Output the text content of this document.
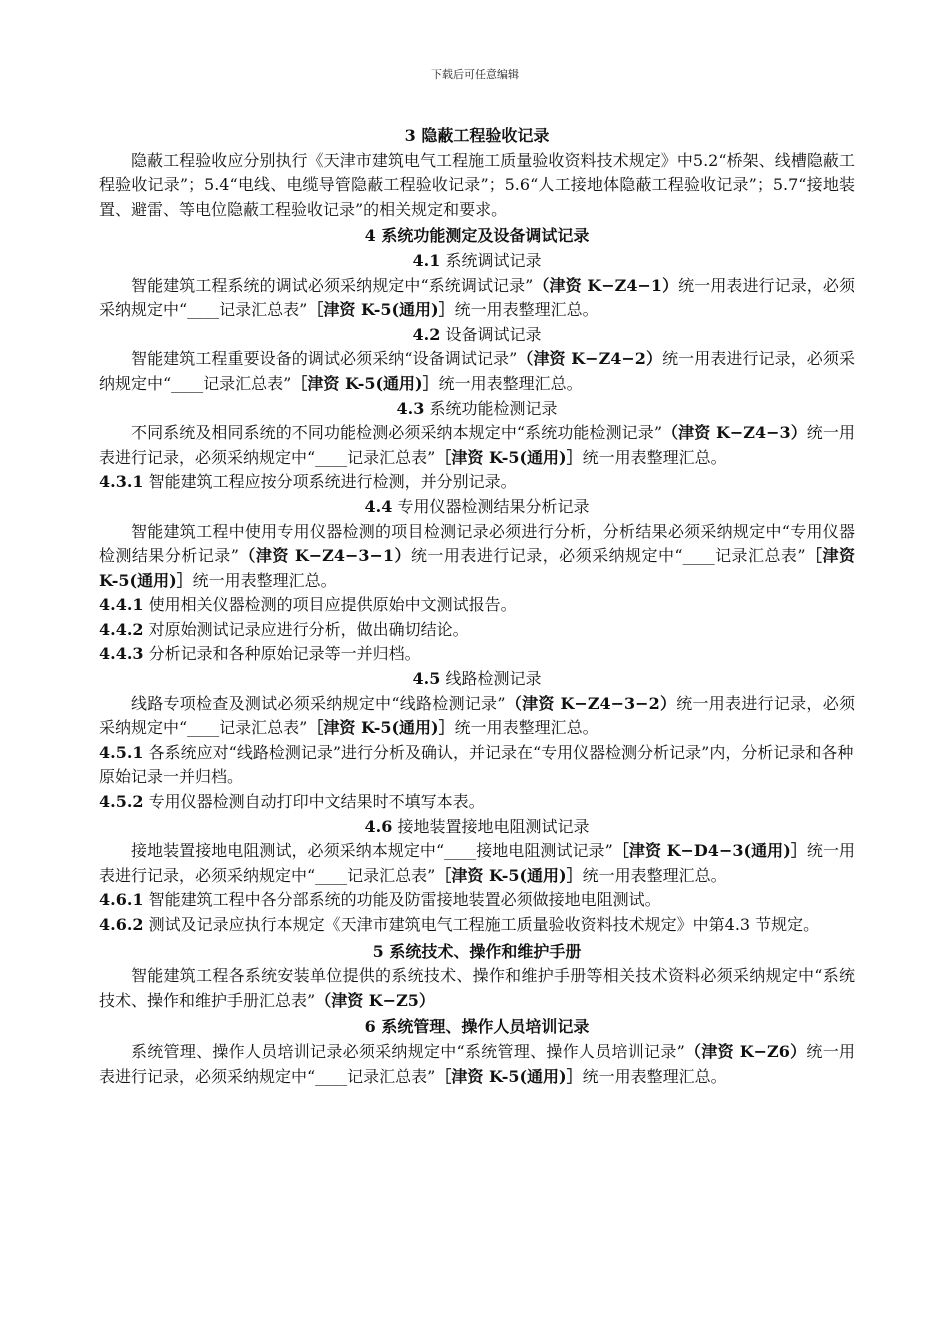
下载后可任意编辑
3 隐蔽工程验收记录
隐蔽工程验收应分别执行《天津市建筑电气工程施工质量验收资料技术规定》中5.2“桥架、线槽隐蔽工程验收记录”；5.4“电线、电缆导管隐蔽工程验收记录”；5.6“人工接地体隐蔽工程验收记录”；5.7“接地装置、避雷、等电位隐蔽工程验收记录”的相关规定和要求。
4 系统功能测定及设备调试记录
4.1 系统调试记录
智能建筑工程系统的调试必须采纳规定中“系统调试记录”（津资 K−Z4−1）统一用表进行记录，必须采纳规定中“____记录汇总表”［津资 K-5(通用)］统一用表整理汇总。
4.2 设备调试记录
智能建筑工程重要设备的调试必须采纳“设备调试记录”（津资 K−Z4−2）统一用表进行记录，必须采纳规定中“____记录汇总表”［津资 K-5(通用)］统一用表整理汇总。
4.3 系统功能检测记录
不同系统及相同系统的不同功能检测必须采纳本规定中“系统功能检测记录”（津资 K−Z4−3）统一用表进行记录，必须采纳规定中“____记录汇总表”［津资 K-5(通用)］统一用表整理汇总。
4.3.1 智能建筑工程应按分项系统进行检测，并分别记录。
4.4 专用仪器检测结果分析记录
智能建筑工程中使用专用仪器检测的项目检测记录必须进行分析，分析结果必须采纳规定中“专用仪器检测结果分析记录”（津资 K−Z4−3−1）统一用表进行记录，必须采纳规定中“____记录汇总表”［津资 K-5(通用)］统一用表整理汇总。
4.4.1 使用相关仪器检测的项目应提供原始中文测试报告。
4.4.2 对原始测试记录应进行分析，做出确切结论。
4.4.3 分析记录和各种原始记录等一并归档。
4.5 线路检测记录
线路专项检查及测试必须采纳规定中“线路检测记录”（津资 K−Z4−3−2）统一用表进行记录，必须采纳规定中“____记录汇总表”［津资 K-5(通用)］统一用表整理汇总。
4.5.1 各系统应对“线路检测记录”进行分析及确认，并记录在“专用仪器检测分析记录”内，分析记录和各种原始记录一并归档。
4.5.2 专用仪器检测自动打印中文结果时不填写本表。
4.6 接地装置接地电阻测试记录
接地装置接地电阻测试，必须采纳本规定中“____接地电阻测试记录”［津资 K−D4−3(通用)］统一用表进行记录，必须采纳规定中“____记录汇总表”［津资 K-5(通用)］统一用表整理汇总。
4.6.1 智能建筑工程中各分部系统的功能及防雷接地装置必须做接地电阻测试。
4.6.2 测试及记录应执行本规定《天津市建筑电气工程施工质量验收资料技术规定》中第4.3 节规定。
5 系统技术、操作和维护手册
智能建筑工程各系统安装单位提供的系统技术、操作和维护手册等相关技术资料必须采纳规定中“系统技术、操作和维护手册汇总表”（津资 K−Z5）
6 系统管理、操作人员培训记录
系统管理、操作人员培训记录必须采纳规定中“系统管理、操作人员培训记录”（津资 K−Z6）统一用表进行记录，必须采纳规定中“____记录汇总表”［津资 K-5(通用)］统一用表整理汇总。
